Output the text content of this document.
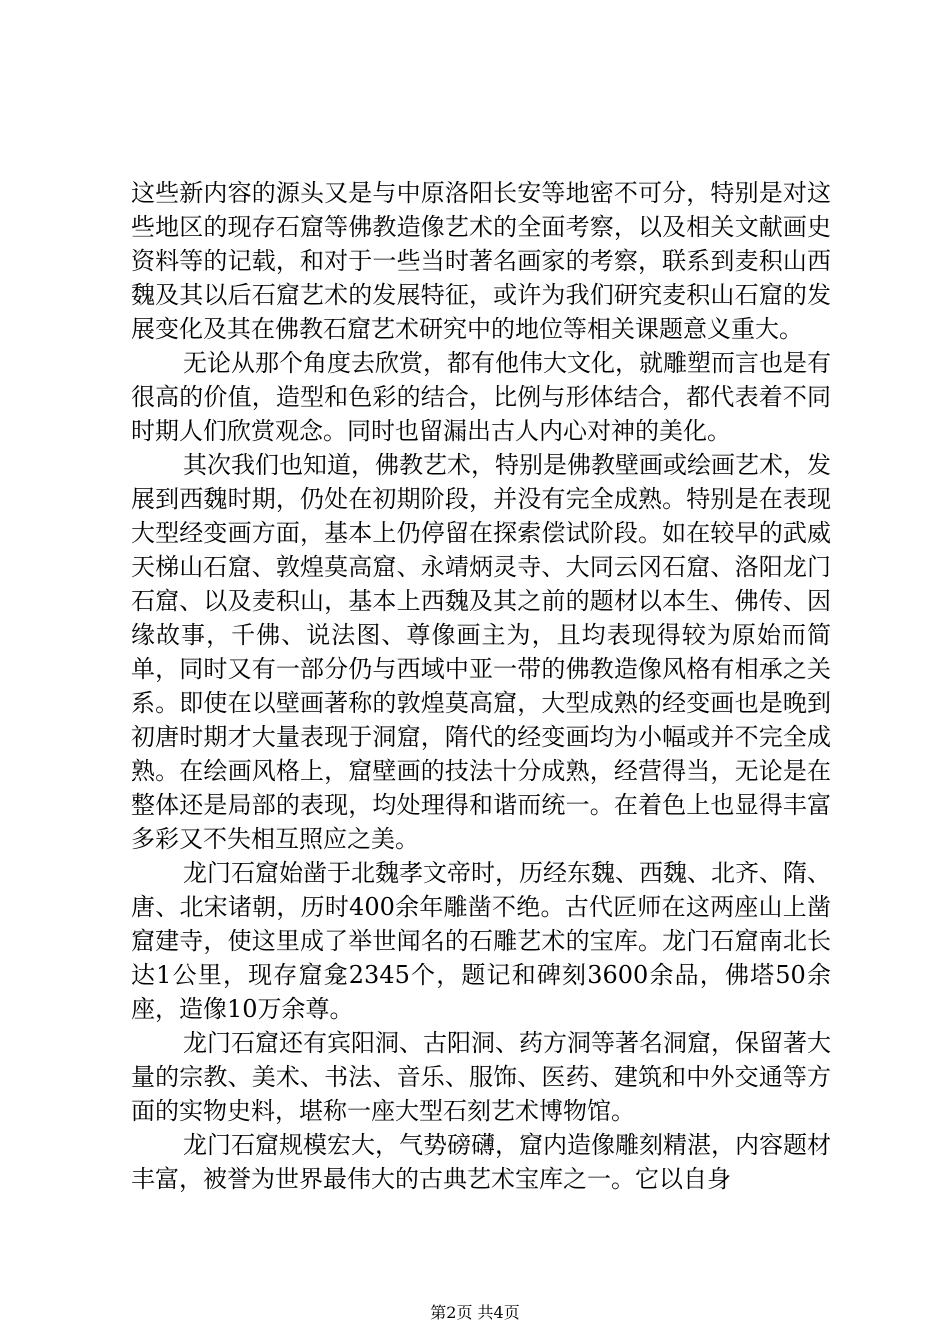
这些新内容的源头又是与中原洛阳长安等地密不可分，特别是对这些地区的现存石窟等佛教造像艺术的全面考察，以及相关文献画史资料等的记载，和对于一些当时著名画家的考察，联系到麦积山西魏及其以后石窟艺术的发展特征，或许为我们研究麦积山石窟的发展变化及其在佛教石窟艺术研究中的地位等相关课题意义重大。

无论从那个角度去欣赏，都有他伟大文化，就雕塑而言也是有很高的价值，造型和色彩的结合，比例与形体结合，都代表着不同时期人们欣赏观念。同时也留漏出古人内心对神的美化。

其次我们也知道，佛教艺术，特别是佛教壁画或绘画艺术，发展到西魏时期，仍处在初期阶段，并没有完全成熟。特别是在表现大型经变画方面，基本上仍停留在探索偿试阶段。如在较早的武威天梯山石窟、敦煌莫高窟、永靖炳灵寺、大同云冈石窟、洛阳龙门石窟、以及麦积山，基本上西魏及其之前的题材以本生、佛传、因缘故事，千佛、说法图、尊像画主为，且均表现得较为原始而简单，同时又有一部分仍与西域中亚一带的佛教造像风格有相承之关系。即使在以壁画著称的敦煌莫高窟，大型成熟的经变画也是晚到初唐时期才大量表现于洞窟，隋代的经变画均为小幅或并不完全成熟。在绘画风格上，窟壁画的技法十分成熟，经营得当，无论是在整体还是局部的表现，均处理得和谐而统一。在着色上也显得丰富多彩又不失相互照应之美。

龙门石窟始凿于北魏孝文帝时，历经东魏、西魏、北齐、隋、唐、北宋诸朝，历时400余年雕凿不绝。古代匠师在这两座山上凿窟建寺，使这里成了举世闻名的石雕艺术的宝库。龙门石窟南北长达1公里，现存窟龛2345个，题记和碑刻3600余品，佛塔50余座，造像10万余尊。

龙门石窟还有宾阳洞、古阳洞、药方洞等著名洞窟，保留著大量的宗教、美术、书法、音乐、服饰、医药、建筑和中外交通等方面的实物史料，堪称一座大型石刻艺术博物馆。

龙门石窟规模宏大，气势磅礴，窟内造像雕刻精湛，内容题材丰富，被誉为世界最伟大的古典艺术宝库之一。它以自身

第2页 共4页
